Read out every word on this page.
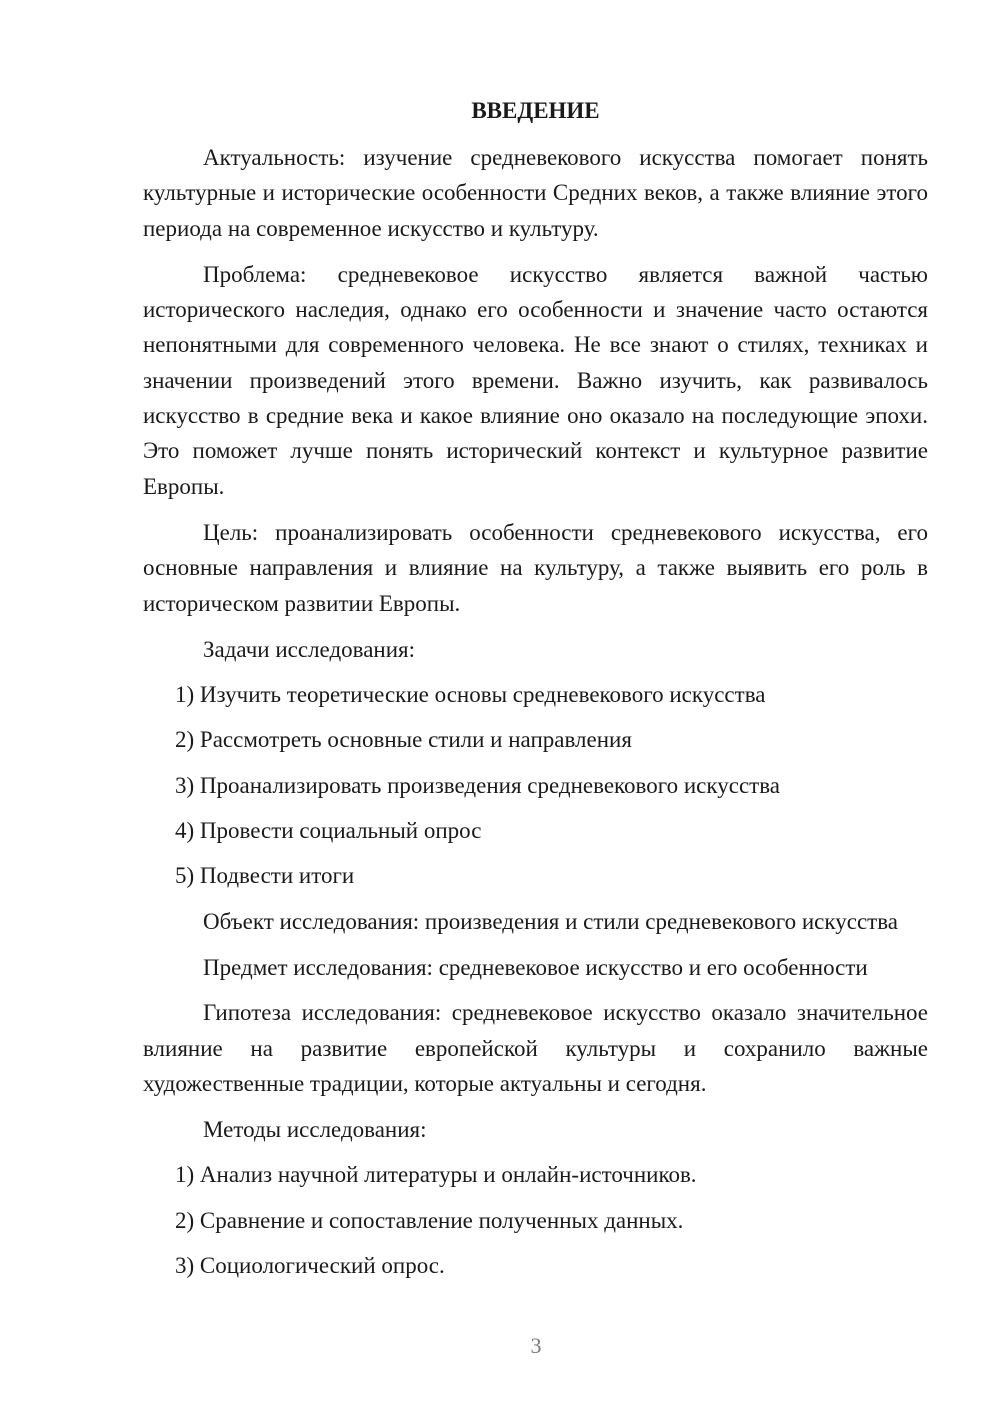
ВВЕДЕНИЕ
Актуальность: изучение средневекового искусства помогает понять культурные и исторические особенности Средних веков, а также влияние этого периода на современное искусство и культуру.
Проблема: средневековое искусство является важной частью исторического наследия, однако его особенности и значение часто остаются непонятными для современного человека. Не все знают о стилях, техниках и значении произведений этого времени. Важно изучить, как развивалось искусство в средние века и какое влияние оно оказало на последующие эпохи. Это поможет лучше понять исторический контекст и культурное развитие Европы.
Цель: проанализировать особенности средневекового искусства, его основные направления и влияние на культуру, а также выявить его роль в историческом развитии Европы.
Задачи исследования:
1) Изучить теоретические основы средневекового искусства
2) Рассмотреть основные стили и направления
3) Проанализировать произведения средневекового искусства
4) Провести социальный опрос
5) Подвести итоги
Объект исследования: произведения и стили средневекового искусства
Предмет исследования: средневековое искусство и его особенности
Гипотеза исследования: средневековое искусство оказало значительное влияние на развитие европейской культуры и сохранило важные художественные традиции, которые актуальны и сегодня.
Методы исследования:
1) Анализ научной литературы и онлайн-источников.
2) Сравнение и сопоставление полученных данных.
3) Социологический опрос.
3
